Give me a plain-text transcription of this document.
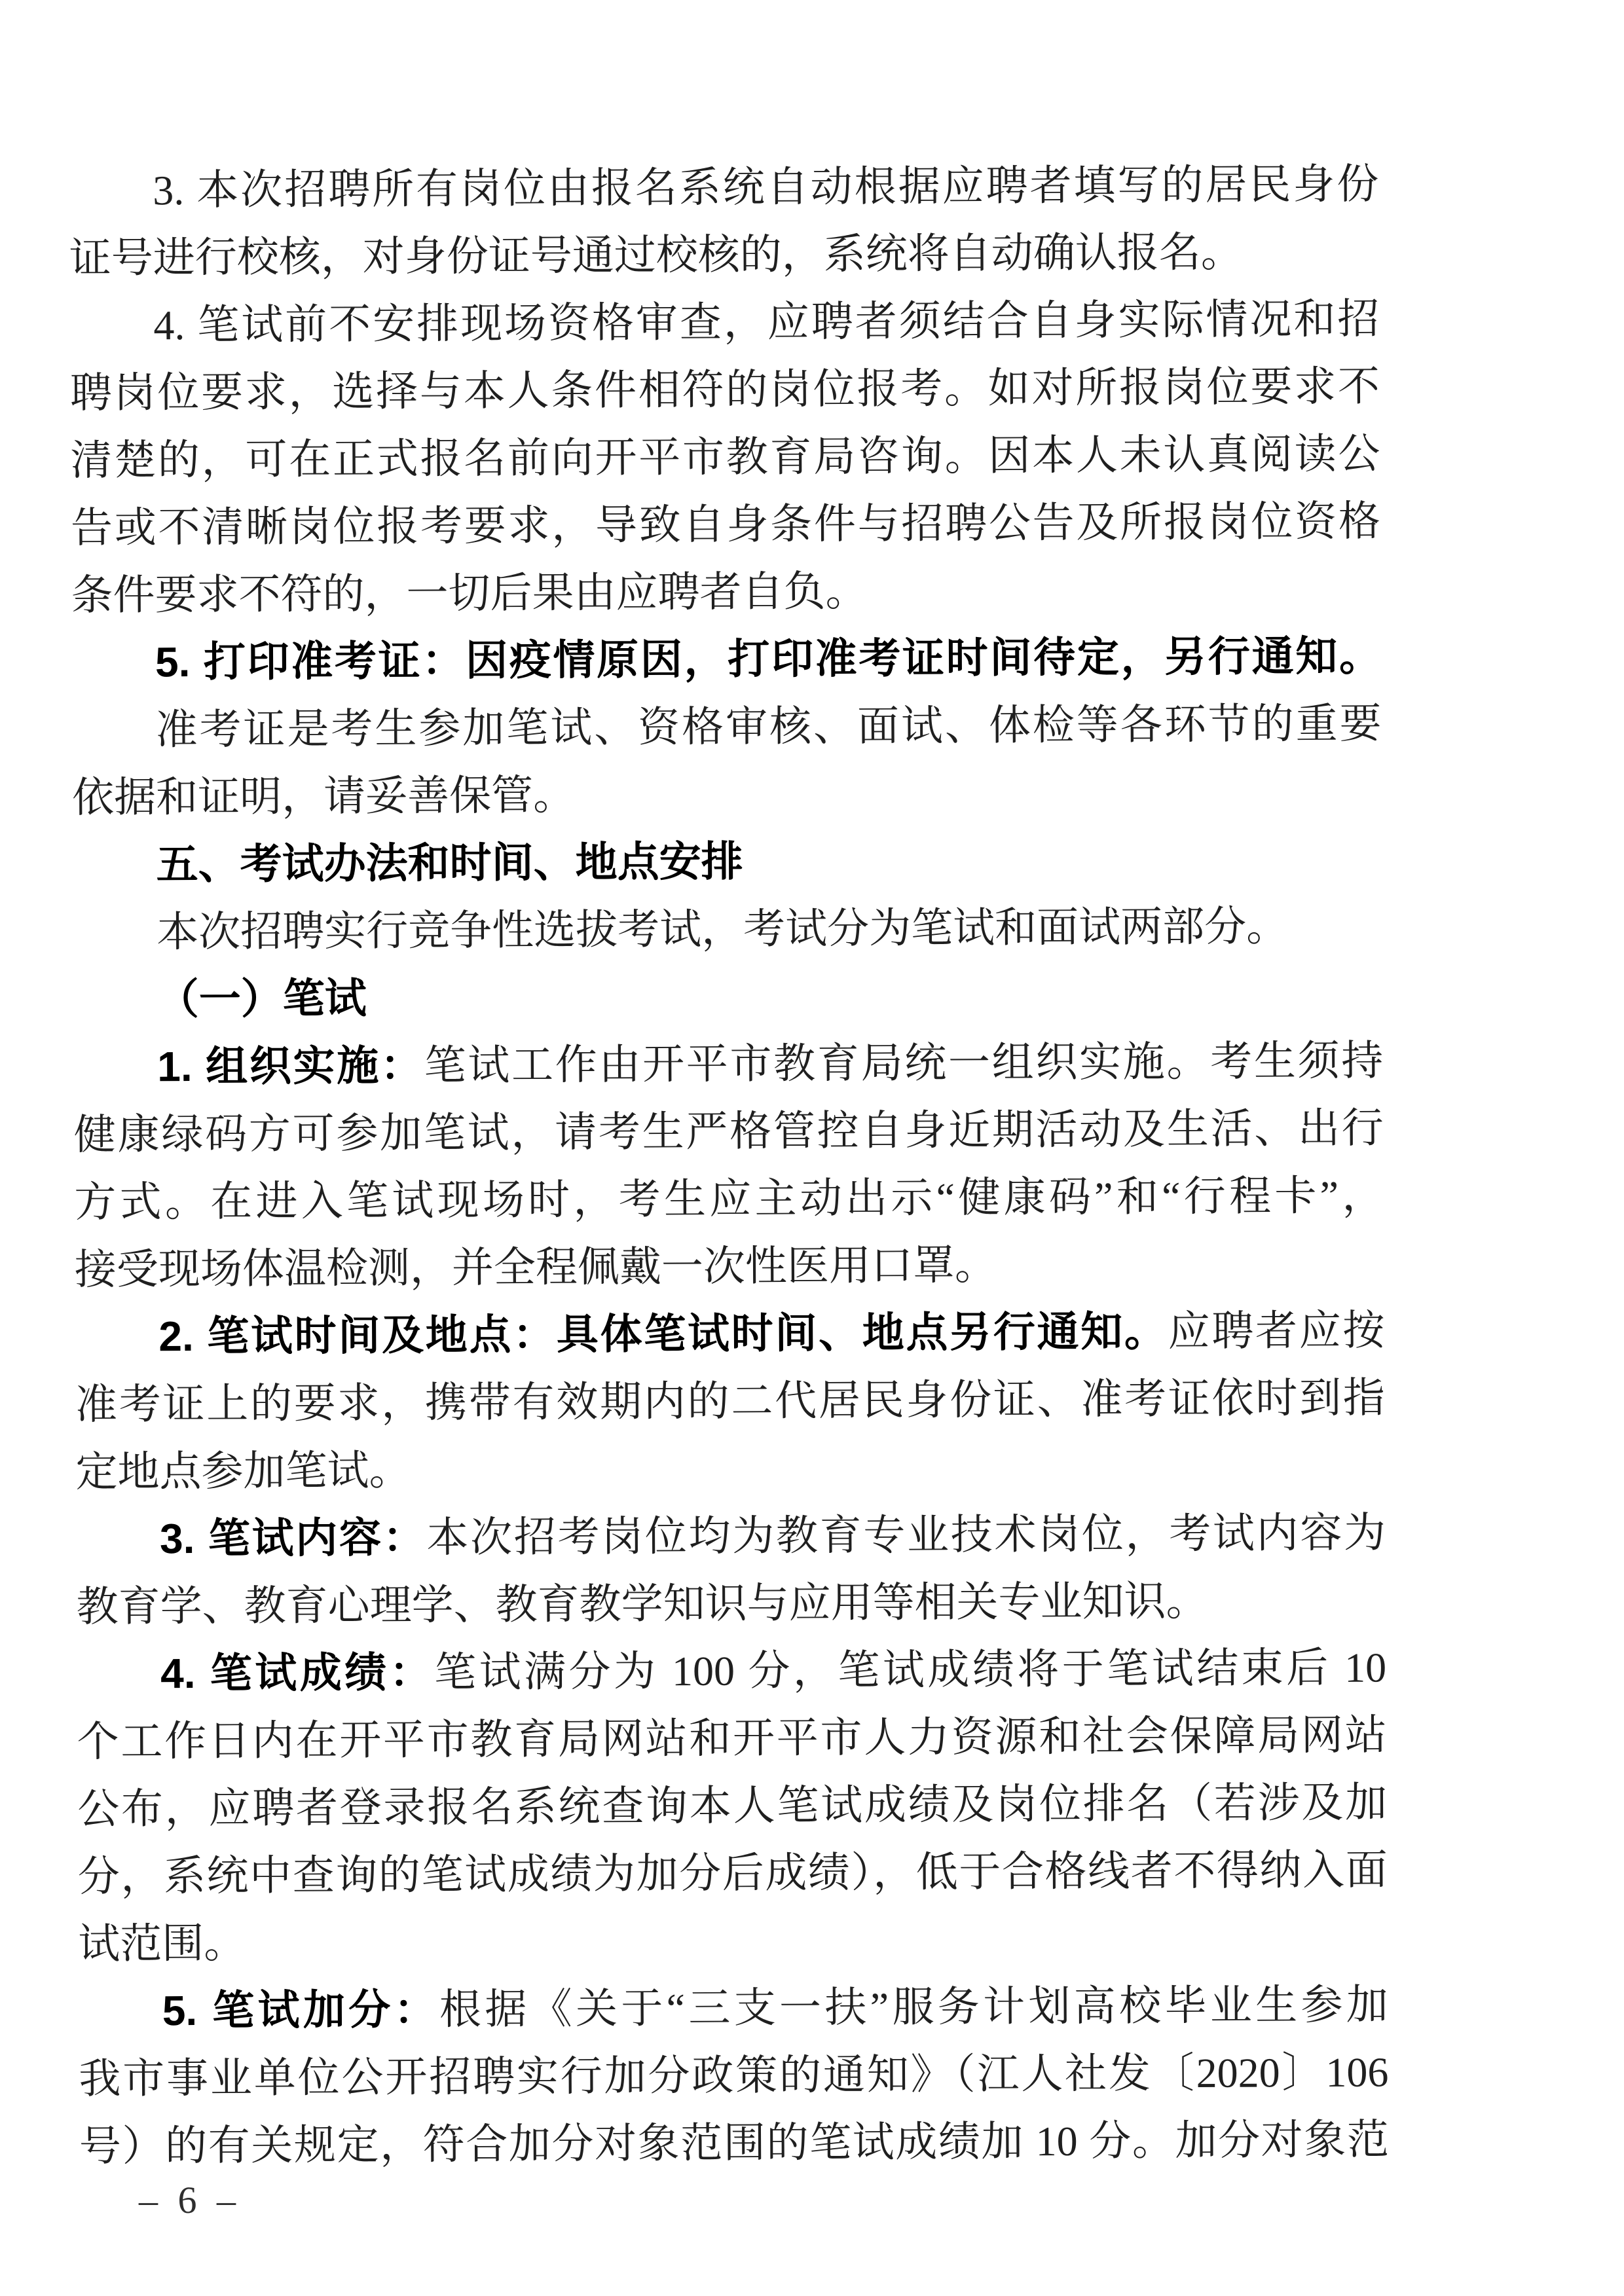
3. 本次招聘所有岗位由报名系统自动根据应聘者填写的居民身份
证号进行校核，对身份证号通过校核的，系统将自动确认报名。
4. 笔试前不安排现场资格审查，应聘者须结合自身实际情况和招
聘岗位要求，选择与本人条件相符的岗位报考。如对所报岗位要求不
清楚的，可在正式报名前向开平市教育局咨询。因本人未认真阅读公
告或不清晰岗位报考要求，导致自身条件与招聘公告及所报岗位资格
条件要求不符的，一切后果由应聘者自负。
5. 打印准考证：因疫情原因，打印准考证时间待定，另行通知。
准考证是考生参加笔试、资格审核、面试、体检等各环节的重要
依据和证明，请妥善保管。
五、考试办法和时间、地点安排
本次招聘实行竞争性选拔考试，考试分为笔试和面试两部分。
（一）笔试
1. 组织实施：笔试工作由开平市教育局统一组织实施。考生须持
健康绿码方可参加笔试，请考生严格管控自身近期活动及生活、出行
方式。在进入笔试现场时，考生应主动出示“健康码”和“行程卡”，
接受现场体温检测，并全程佩戴一次性医用口罩。
2. 笔试时间及地点：具体笔试时间、地点另行通知。应聘者应按
准考证上的要求，携带有效期内的二代居民身份证、准考证依时到指
定地点参加笔试。
3. 笔试内容：本次招考岗位均为教育专业技术岗位，考试内容为
教育学、教育心理学、教育教学知识与应用等相关专业知识。
4. 笔试成绩：笔试满分为 100 分，笔试成绩将于笔试结束后 10
个工作日内在开平市教育局网站和开平市人力资源和社会保障局网站
公布，应聘者登录报名系统查询本人笔试成绩及岗位排名（若涉及加
分，系统中查询的笔试成绩为加分后成绩），低于合格线者不得纳入面
试范围。
5. 笔试加分：根据《关于“三支一扶”服务计划高校毕业生参加
我市事业单位公开招聘实行加分政策的通知》（江人社发〔2020〕106
号）的有关规定，符合加分对象范围的笔试成绩加 10 分。加分对象范
– 6 –
